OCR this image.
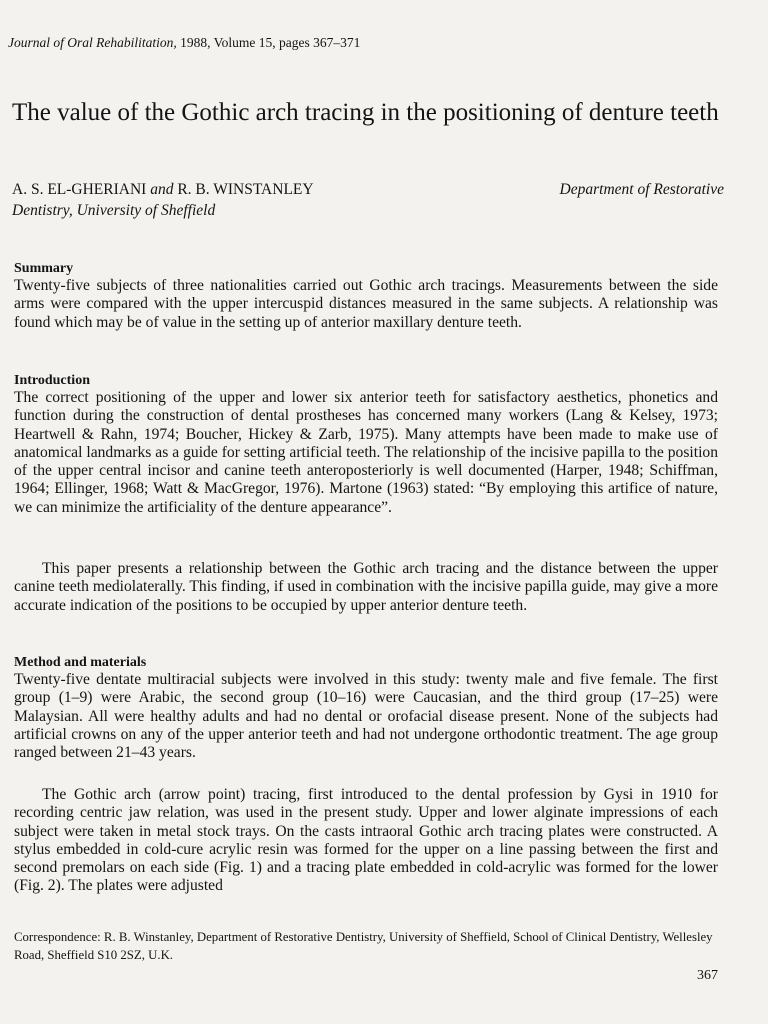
Journal of Oral Rehabilitation, 1988, Volume 15, pages 367–371
The value of the Gothic arch tracing in the positioning of denture teeth
A. S. EL-GHERIANI and R. B. WINSTANLEY	Department of Restorative

Dentistry, University of Sheffield
Summary

Twenty-five subjects of three nationalities carried out Gothic arch tracings. Measurements between the side arms were compared with the upper intercuspid distances measured in the same subjects. A relationship was found which may be of value in the setting up of anterior maxillary denture teeth.

Introduction

The correct positioning of the upper and lower six anterior teeth for satisfactory aesthetics, phonetics and function during the construction of dental prostheses has concerned many workers (Lang & Kelsey, 1973; Heartwell & Rahn, 1974; Boucher, Hickey & Zarb, 1975). Many attempts have been made to make use of anatomical landmarks as a guide for setting artificial teeth. The relationship of the incisive papilla to the position of the upper central incisor and canine teeth anteroposteriorly is well documented (Harper, 1948; Schiffman, 1964; Ellinger, 1968; Watt & MacGregor, 1976). Martone (1963) stated: “By employing this artifice of nature, we can minimize the artificiality of the denture appearance”.

This paper presents a relationship between the Gothic arch tracing and the distance between the upper canine teeth mediolaterally. This finding, if used in combination with the incisive papilla guide, may give a more accurate indication of the positions to be occupied by upper anterior denture teeth.

Method and materials

Twenty-five dentate multiracial subjects were involved in this study: twenty male and five female. The first group (1–9) were Arabic, the second group (10–16) were Caucasian, and the third group (17–25) were Malaysian. All were healthy adults and had no dental or orofacial disease present. None of the subjects had artificial crowns on any of the upper anterior teeth and had not undergone orthodontic treatment. The age group ranged between 21–43 years.

The Gothic arch (arrow point) tracing, first introduced to the dental profession by Gysi in 1910 for recording centric jaw relation, was used in the present study. Upper and lower alginate impressions of each subject were taken in metal stock trays. On the casts intraoral Gothic arch tracing plates were constructed. A stylus embedded in cold-cure acrylic resin was formed for the upper on a line passing between the first and second premolars on each side (Fig. 1) and a tracing plate embedded in cold-acrylic was formed for the lower (Fig. 2). The plates were adjusted

Correspondence: R. B. Winstanley, Department of Restorative Dentistry, University of Sheffield, School of Clinical Dentistry, Wellesley Road, Sheffield S10 2SZ, U.K.

367
